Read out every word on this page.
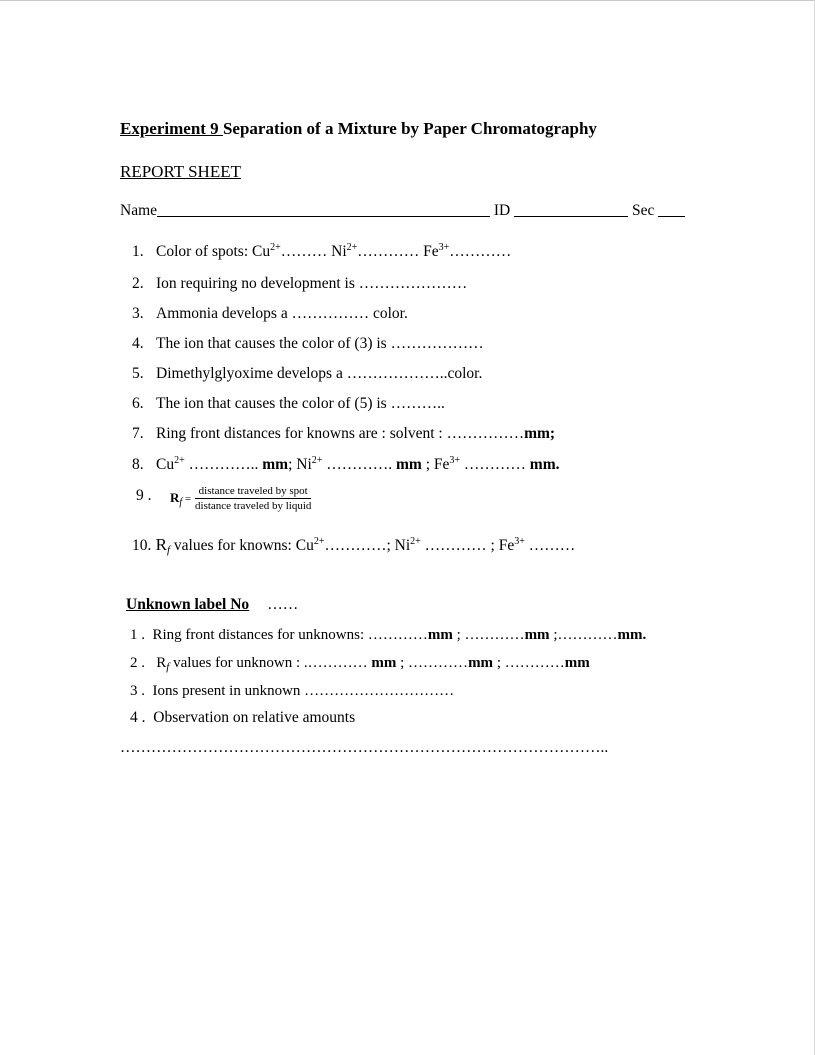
Experiment 9 Separation of a Mixture by Paper Chromatography
REPORT SHEET
Name	ID	Sec
1. Color of spots: $Cu^{2+}\dots\dots\dots$ $Ni^{2+}\dots\dots\dots\dots$ $Fe^{3+}\dots\dots\dots\dots$
2. Ion requiring no development is …………………
3. Ammonia develops a …………… color.
4. The ion that causes the color of (3) is ………………
5. Dimethylglyoxime develops a ………………..color.
6. The ion that causes the color of (5) is ………..
7. Ring front distances for knowns are : solvent : ……………mm;
8. $Cu^{2+}$ ………….. mm; $Ni^{2+}$ …………. mm ; $Fe^{3+}$ ………… mm.
9 . $Rf = \frac{\text{distance traveled by spot}}{\text{distance traveled by liquid}}$
10. Rf values for knowns: $Cu^{2+}\dots\dots\dots\dots$; $Ni^{2+}$ ………… ; $Fe^{3+}$ ………
Unknown label No ……
1 . Ring front distances for unknowns: …………mm ; …………mm ;…………mm.
2 . $R_f$ values for unknown : .………… mm ; …………mm ; …………mm
3 . Ions present in unknown …………………………
4 . Observation on relative amounts
…………………………………………………………………………………..
